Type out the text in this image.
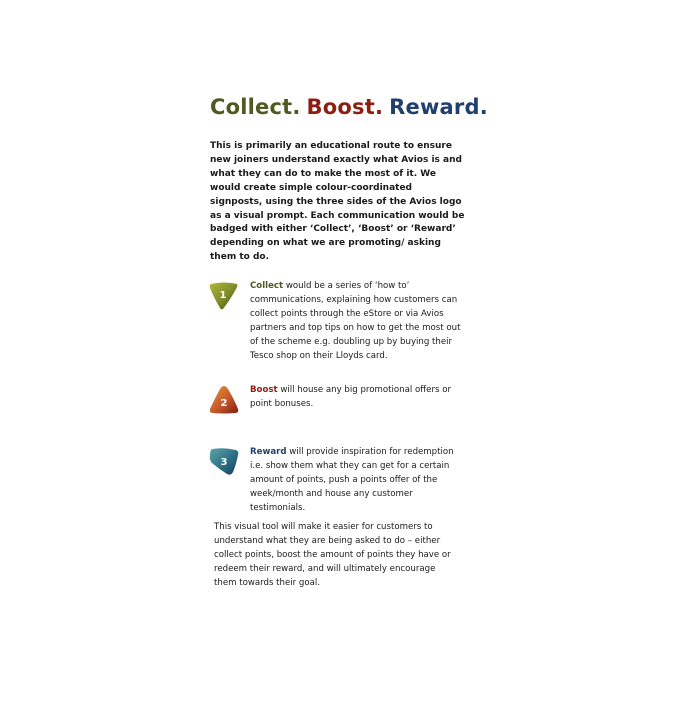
Collect. Boost. Reward.

This is primarily an educational route to ensure new joiners understand exactly what Avios is and what they can do to make the most of it. We would create simple colour-coordinated signposts, using the three sides of the Avios logo as a visual prompt. Each communication would be badged with either ‘Collect’, ‘Boost’ or ‘Reward’ depending on what we are promoting/ asking them to do.

1

Collect would be a series of ‘how to’ communications, explaining how customers can collect points through the eStore or via Avios partners and top tips on how to get the most out of the scheme e.g. doubling up by buying their Tesco shop on their Lloyds card.

2

Boost will house any big promotional offers or point bonuses.

3

Reward will provide inspiration for redemption i.e. show them what they can get for a certain amount of points, push a points offer of the week/month and house any customer testimonials.

This visual tool will make it easier for customers to understand what they are being asked to do – either collect points, boost the amount of points they have or redeem their reward, and will ultimately encourage them towards their goal.
